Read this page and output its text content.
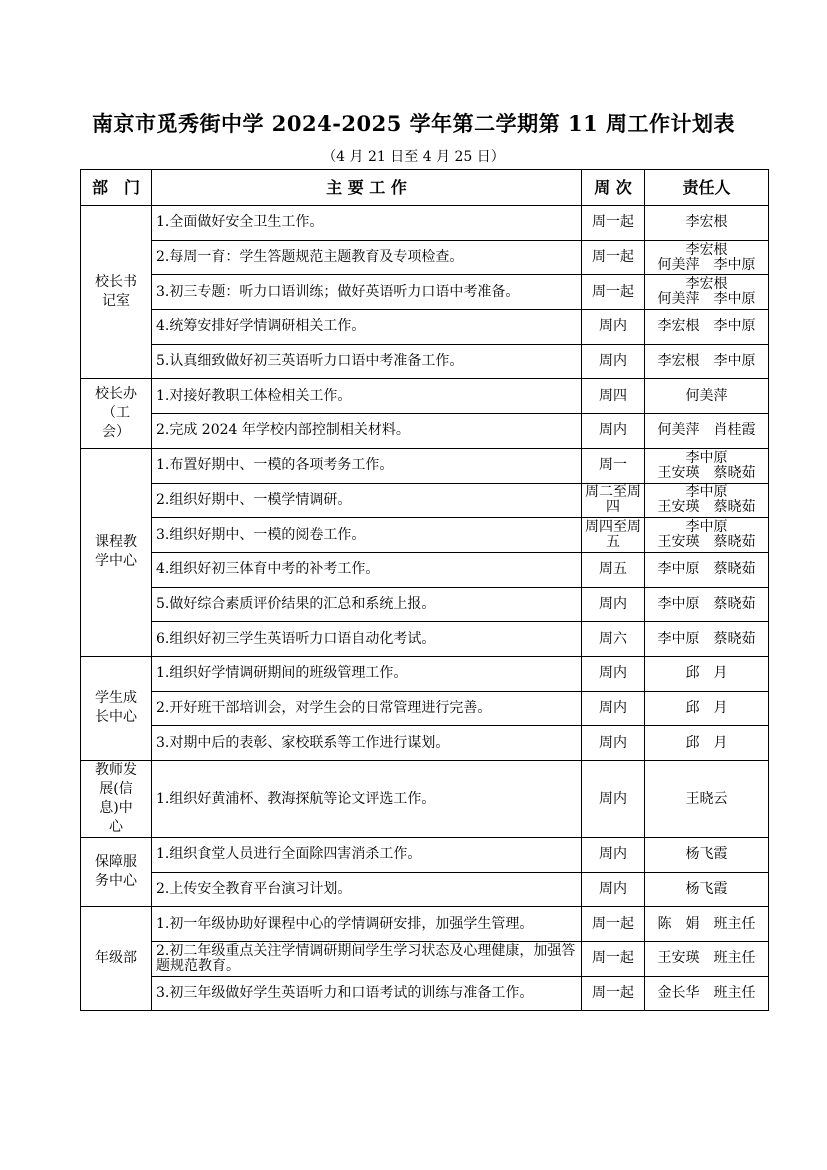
南京市觅秀街中学 2024-2025 学年第二学期第 11 周工作计划表
（4 月 21 日至 4 月 25 日）
部　门	主 要 工 作	周 次	责任人
校长书记室	1.全面做好安全卫生工作。	周一起	李宏根

	2.每周一育：学生答题规范主题教育及专项检查。	周一起	李宏根
何美萍　李中原

	3.初三专题：听力口语训练；做好英语听力口语中考准备。	周一起	李宏根
何美萍　李中原

	4.统筹安排好学情调研相关工作。	周内	李宏根　李中原

	5.认真细致做好初三英语听力口语中考准备工作。	周内	李宏根　李中原

校长办（工会）	1.对接好教职工体检相关工作。	周四	何美萍

	2.完成 2024 年学校内部控制相关材料。	周内	何美萍　肖桂霞

课程教学中心	1.布置好期中、一模的各项考务工作。	周一	李中原
王安瑛　蔡晓茹

	2.组织好期中、一模学情调研。	周二至周四	李中原
王安瑛　蔡晓茹

	3.组织好期中、一模的阅卷工作。	周四至周五	李中原
王安瑛　蔡晓茹

	4.组织好初三体育中考的补考工作。	周五	李中原　蔡晓茹

	5.做好综合素质评价结果的汇总和系统上报。	周内	李中原　蔡晓茹

	6.组织好初三学生英语听力口语自动化考试。	周六	李中原　蔡晓茹

学生成长中心	1.组织好学情调研期间的班级管理工作。	周内	邱　月

	2.开好班干部培训会，对学生会的日常管理进行完善。	周内	邱　月

	3.对期中后的表彰、家校联系等工作进行谋划。	周内	邱　月

教师发展(信息)中心	1.组织好黄浦杯、教海探航等论文评选工作。	周内	王晓云

保障服务中心	1.组织食堂人员进行全面除四害消杀工作。	周内	杨飞霞

	2.上传安全教育平台演习计划。	周内	杨飞霞

年级部	1.初一年级协助好课程中心的学情调研安排，加强学生管理。	周一起	陈　娟　班主任

	2.初二年级重点关注学情调研期间学生学习状态及心理健康，加强答题规范教育。	周一起	王安瑛　班主任

	3.初三年级做好学生英语听力和口语考试的训练与准备工作。	周一起	金长华　班主任
